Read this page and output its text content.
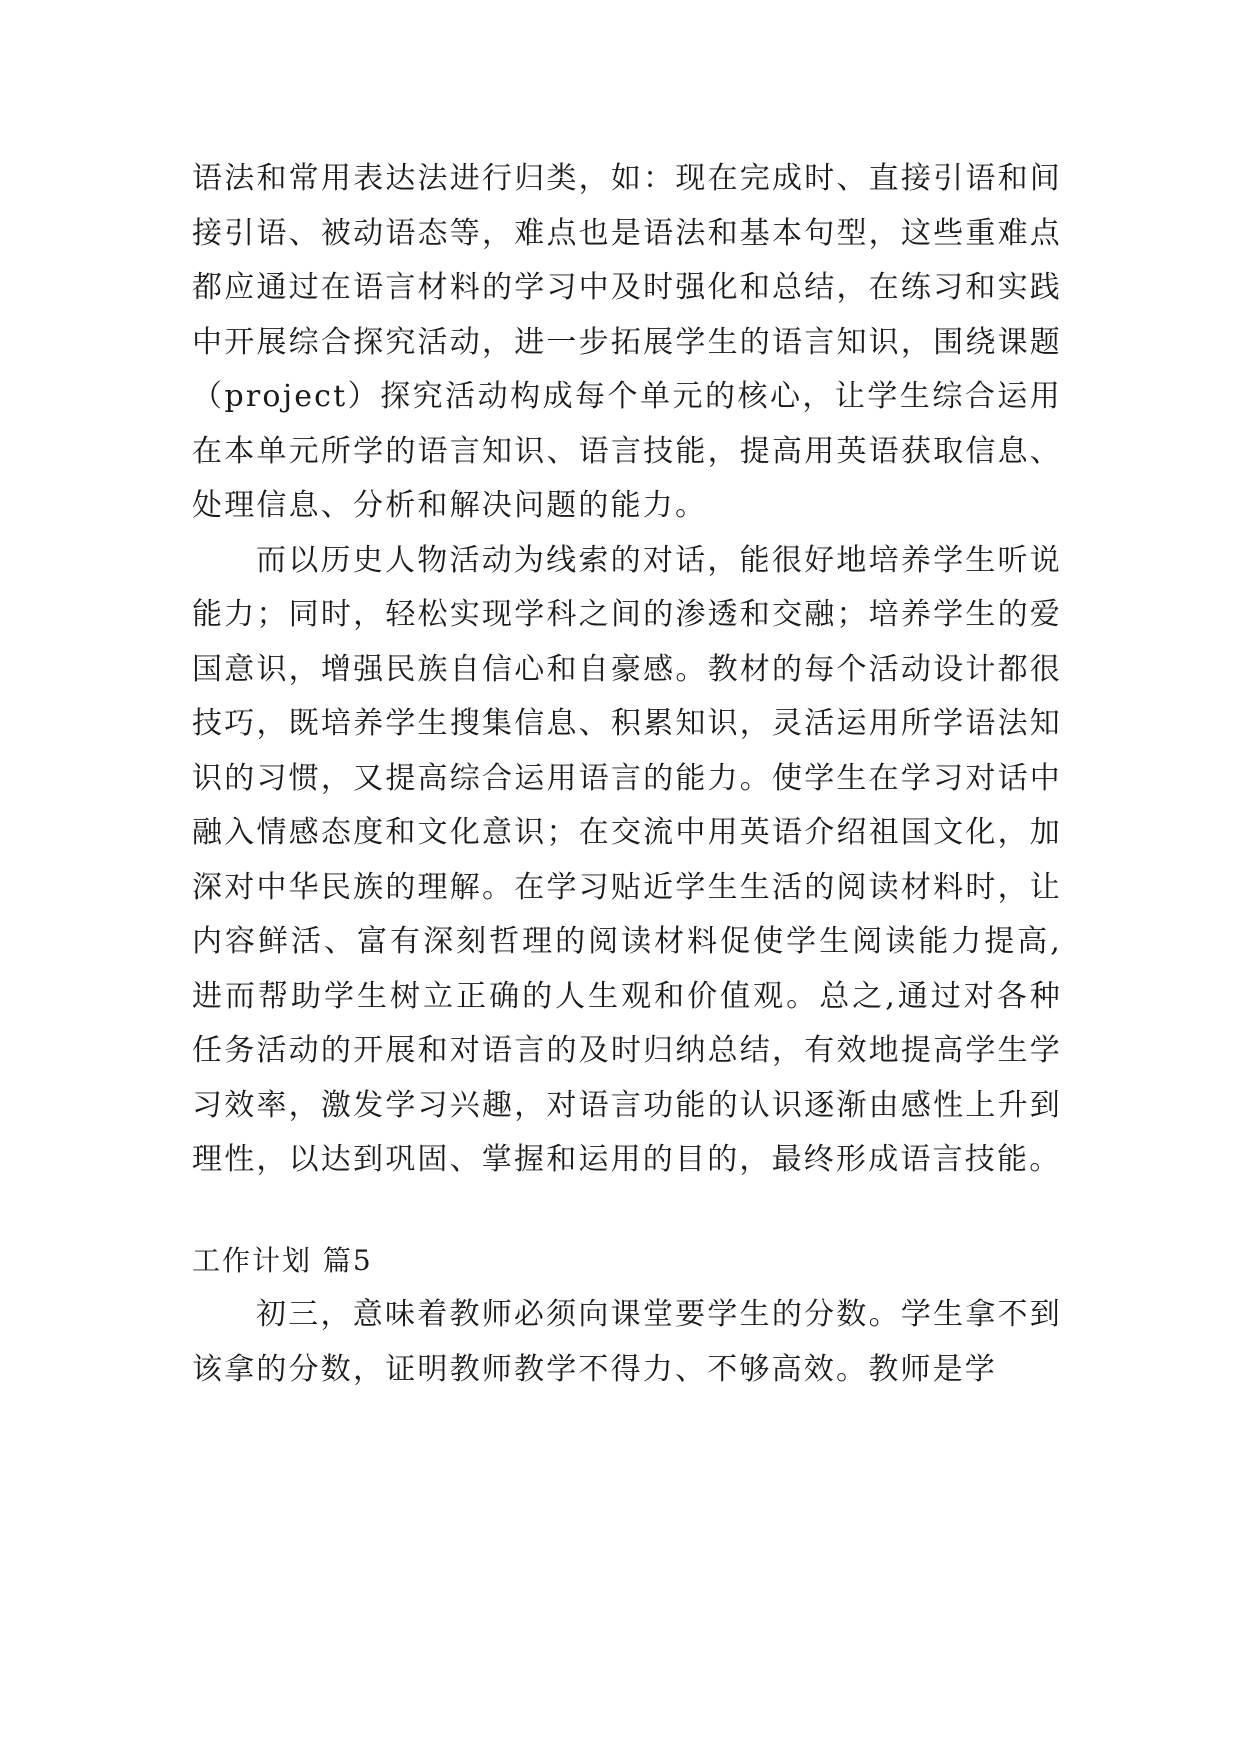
语法和常用表达法进行归类，如：现在完成时、直接引语和间接引语、被动语态等，难点也是语法和基本句型，这些重难点都应通过在语言材料的学习中及时强化和总结，在练习和实践中开展综合探究活动，进一步拓展学生的语言知识，围绕课题（project）探究活动构成每个单元的核心，让学生综合运用在本单元所学的语言知识、语言技能，提高用英语获取信息、处理信息、分析和解决问题的能力。

而以历史人物活动为线索的对话，能很好地培养学生听说能力；同时，轻松实现学科之间的渗透和交融；培养学生的爱国意识，增强民族自信心和自豪感。教材的每个活动设计都很技巧，既培养学生搜集信息、积累知识，灵活运用所学语法知识的习惯，又提高综合运用语言的能力。使学生在学习对话中融入情感态度和文化意识；在交流中用英语介绍祖国文化，加深对中华民族的理解。在学习贴近学生生活的阅读材料时，让内容鲜活、富有深刻哲理的阅读材料促使学生阅读能力提高,进而帮助学生树立正确的人生观和价值观。总之,通过对各种任务活动的开展和对语言的及时归纳总结，有效地提高学生学习效率，激发学习兴趣，对语言功能的认识逐渐由感性上升到理性，以达到巩固、掌握和运用的目的，最终形成语言技能。

工作计划 篇5

初三，意味着教师必须向课堂要学生的分数。学生拿不到该拿的分数，证明教师教学不得力、不够高效。教师是学
